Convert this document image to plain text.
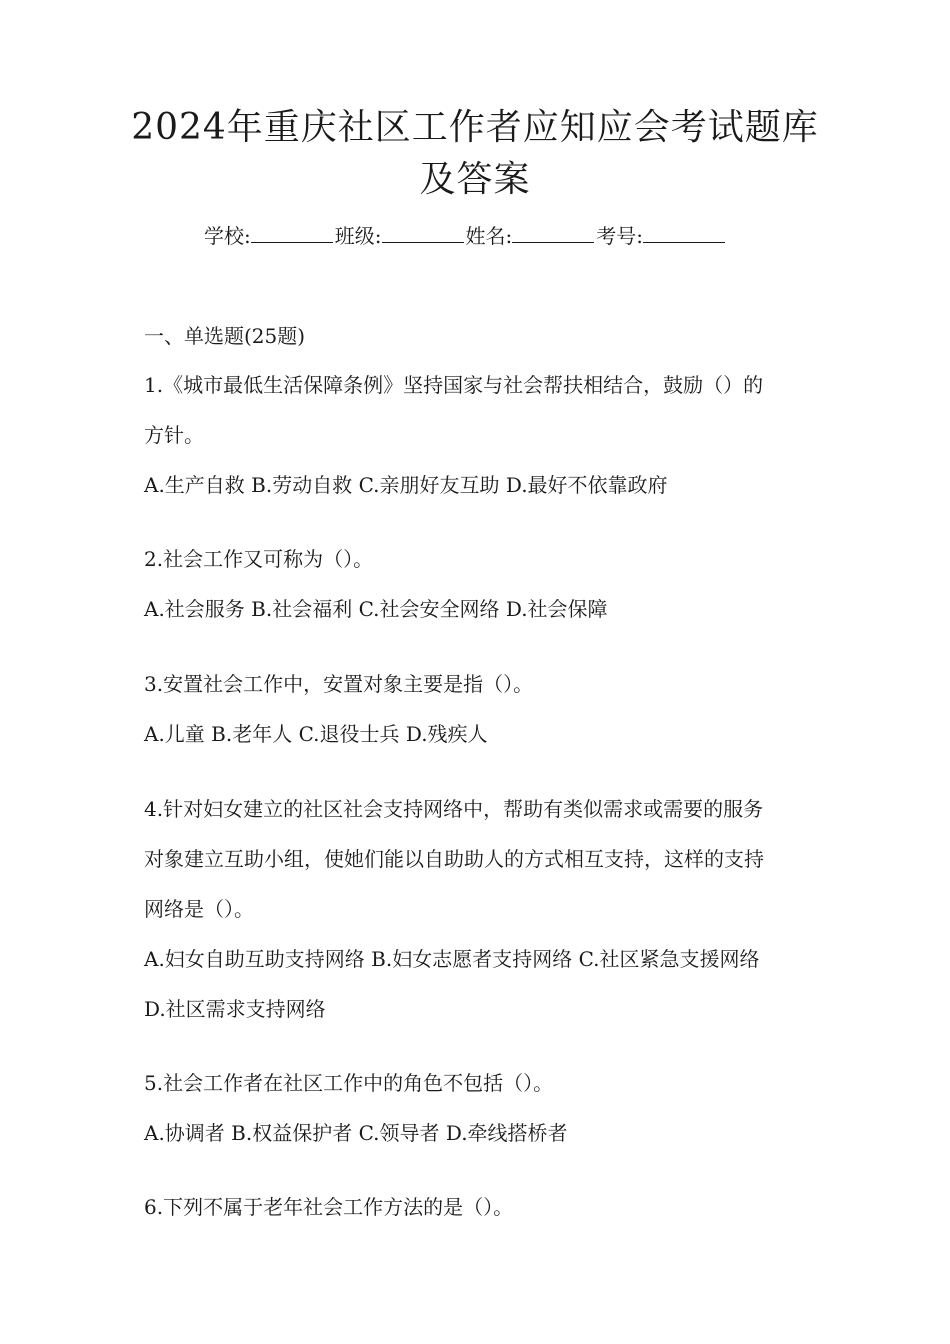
2024年重庆社区工作者应知应会考试题库
及答案
学校:	班级:	姓名:	考号:
一、单选题(25题)
1.《城市最低生活保障条例》坚持国家与社会帮扶相结合，鼓励（）的
方针。
A.生产自救 B.劳动自救 C.亲朋好友互助 D.最好不依靠政府
2.社会工作又可称为（）。
A.社会服务 B.社会福利 C.社会安全网络 D.社会保障
3.安置社会工作中，安置对象主要是指（）。
A.儿童 B.老年人 C.退役士兵 D.残疾人
4.针对妇女建立的社区社会支持网络中，帮助有类似需求或需要的服务
对象建立互助小组，使她们能以自助助人的方式相互支持，这样的支持
网络是（）。
A.妇女自助互助支持网络 B.妇女志愿者支持网络 C.社区紧急支援网络
D.社区需求支持网络
5.社会工作者在社区工作中的角色不包括（）。
A.协调者 B.权益保护者 C.领导者 D.牵线搭桥者
6.下列不属于老年社会工作方法的是（）。
